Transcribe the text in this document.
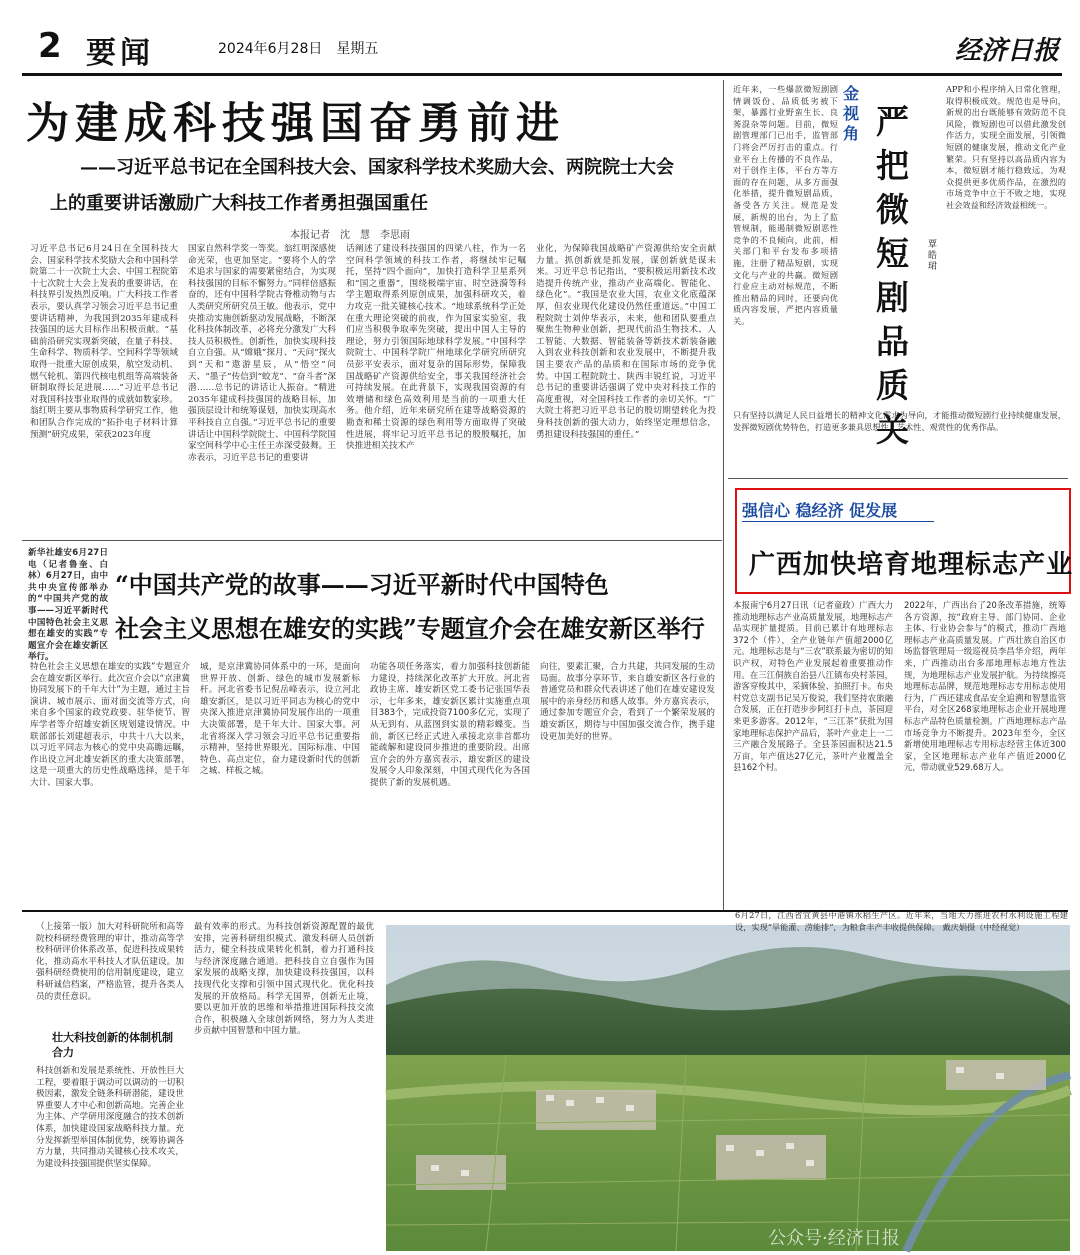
2 要闻	2024年6月28日　星期五	经济日报
为建成科技强国奋勇前进
——习近平总书记在全国科技大会、国家科学技术奖励大会、两院院士大会
上的重要讲话激励广大科技工作者勇担强国重任
本报记者　沈　慧　李思雨
习近平总书记6月24日在全国科技大会、国家科学技术奖励大会和中国科学院第二十一次院士大会、中国工程院第十七次院士大会上发表的重要讲话，在科技界引发热烈反响。广大科技工作者表示，要认真学习领会习近平总书记重要讲话精神，为我国到2035年建成科技强国的远大目标作出积极贡献。“基础前沿研究实现新突破，在量子科技、生命科学、物质科学、空间科学等领域取得一批重大原创成果，航空发动机、燃气轮机、第四代核电机组等高端装备研制取得长足进展……”习近平总书记对我国科技事业取得的成就如数家珍。翁红明主要从事物质科学研究工作，他和团队合作完成的“拓扑电子材料计算预测”研究成果，荣获2023年度
国家自然科学奖一等奖。翁红明深感使命光荣，也更加坚定。“要将个人的学术追求与国家的需要紧密结合，为实现科技强国的目标不懈努力。”同样倍感振奋的，还有中国科学院古脊椎动物与古人类研究所研究员王敏。他表示，党中央推动实施创新驱动发展战略，不断深化科技体制改革，必将充分激发广大科技人员积极性。创新性，加快实现科技自立自强。从“嫦娥”探月、“天问”探火到“天和”遨游星辰，从“悟空”问天、“墨子”传信到“蛟龙”、“奋斗者”深潜……总书记的讲话让人振奋。“精进2035年建成科技强国的战略目标，加强顶层设计和统筹谋划，加快实现高水平科技自立自强。”习近平总书记的重要讲话让中国科学院院士、中国科学院国家空间科学中心主任王赤深受鼓舞。王赤表示，习近平总书记的重要讲
话阐述了建设科技强国的四梁八柱，作为一名空间科学领域的科技工作者，将继续牢记嘱托，坚持“四个面向”，加快打造科学卫星系列和“国之重器”，围绕极端宇宙、时空涟漪等科学主题取得系列原创成果，加强科研攻关，着力攻克一批关键核心技术。“地球系统科学正处在重大理论突破的前夜，作为国家实验室，我们应当积极争取率先突破，提出中国人主导的理论，努力引领国际地球科学发展。”中国科学院院士、中国科学院广州地球化学研究所研究员彭平安表示，面对复杂的国际形势，保障我国战略矿产资源供给安全，事关我国经济社会可持续发展。在此背景下，实现我国资源的有效增储和绿色高效利用是当前的一项重大任务。他介绍，近年来研究所在建等战略资源的勘查和稀土资源的绿色利用等方面取得了突破性进展，将牢记习近平总书记的殷殷嘱托，加快推进相关技术产
业化，为保障我国战略矿产资源供给安全贡献力量。抓创新就是抓发展，谋创新就是谋未来。习近平总书记指出，“要积极运用新技术改造提升传统产业，推动产业高端化、智能化、绿色化”。“我国是农业大国，农业文化底蕴深厚，但农业现代化建设仍然任重道远。”中国工程院院士刘仲华表示，未来，他和团队要重点聚焦生物种业创新，把现代前沿生物技术、人工智能、大数据、智能装备等新技术新装备融入到农业科技创新和农业发展中，不断提升我国主要农产品的品质和在国际市场的竞争优势。中国工程院院士、陕西丰锐红说，习近平总书记的重要讲话强调了党中央对科技工作的高度重视，对全国科技工作者的亲切关怀。“广大院士将把习近平总书记的殷切期望转化为投身科技创新的强大动力，始终坚定理想信念，勇担建设科技强国的重任。”
近年来，一些爆款微短剧剧情调饭份、品质低劣被下架，暴露行业野蛮生长、良莠混杂等问题。目前，微短剧管理部门已出手，监管部门将会严厉打击的重点。行业平台上传播的不良作品，对于创作主体，平台方等方面的存在问题，从多方面强化举措，提升微短剧品质，备受各方关注。规范是发展，新规的出台，为上了监管规制，能遏制微短剧恶性竞争的不良倾向，此前，相关部门和平台发布多项措施，注册了精品短剧，实现文化与产业的共赢。微短剧行业应主动对标规范，不断推出精品的同时，还要向优质内容发展，严把内容质量关。
金视角 严把微短剧品质关
覃　皓　珺
APP和小程序纳入日常化管理，取得积极成效。规范也是导向，新规的出台既能够有效防范不良风险，微短剧也可以借此激发创作活力，实现全面发展，引领微短剧的健康发展，推动文化产业繁荣。只有坚持以高品质内容为本，微短剧才能行稳致远，为观众提供更多优质作品，在激烈的市场竞争中立于不败之地，实现社会效益和经济效益相统一。
只有坚持以满足人民日益增长的精神文化需求为导向，才能推动微短剧行业持续健康发展，发挥微短剧优势特色，打造更多兼具思想性、艺术性、观赏性的优秀作品。
强信心 稳经济 促发展
广西加快培育地理标志产业
本报南宁6月27日讯（记者童政）广西大力推动地理标志产业高质量发展，地理标志产品实现扩量提质。目前已累计有地理标志372个（件），全产业链年产值超2000亿元。地理标志是与“三农”联系最为密切的知识产权，对特色产业发展起着重要推动作用。在三江侗族自治县八江镇布央村茶园，游客穿梭其中，采摘体验、拍照打卡。布央村党总支副书记吴万俊说，我们坚持农旅融合发展，正在打造步步阿红打卡点，茶园迎来更多游客。2012年，“三江茶”获批为国家地理标志保护产品后，茶叶产业走上一二三产融合发展路子。全县茶园面积达21.5万亩，年产值达27亿元，茶叶产业覆盖全县162个村。
2022年，广西出台了20条改革措施，统筹各方资源，按“政府主导、部门协同、企业主体、行业协会参与”的模式，推动广西地理标志产业高质量发展。广西壮族自治区市场监督管理局一级巡视员李昌华介绍，两年来，广西推动出台多部地理标志地方性法规，为地理标志产业发展护航。为持续擦亮地理标志品牌，规范地理标志专用标志使用行为，广西还建成食品安全追溯和智慧监管平台，对全区268家地理标志企业开展地理标志产品特色质量检测。广西地理标志产品市场竞争力不断提升。2023年至今，全区新增使用地理标志专用标志经营主体近300家，全区地理标志产业年产值近2000亿元，带动就业529.68万人。
新华社雄安6月27日电（记者鲁奎、白林）6月27日，由中共中央宣传部举办的“中国共产党的故事——习近平新时代中国特色社会主义思想在雄安的实践”专题宣介会在雄安新区举行。
“中国共产党的故事——习近平新时代中国特色
社会主义思想在雄安的实践”专题宣介会在雄安新区举行
特色社会主义思想在雄安的实践”专题宣介会在雄安新区举行。此次宣介会以“京津冀协同发展下的千年大计”为主题，通过主旨演讲、城市展示、面对面交流等方式，向来自多个国家的政党政要、驻华使节、智库学者等介绍雄安新区规划建设情况。中联部部长刘建超表示，中共十八大以来，以习近平同志为核心的党中央高瞻远瞩，作出设立河北雄安新区的重大决策部署，这是一项重大的历史性战略选择，是千年大计、国家大事。
城，是京津冀协同体系中的一环，是面向世界开放、创新、绿色的城市发展新标杆。河北省委书记倪岳峰表示，设立河北雄安新区，是以习近平同志为核心的党中央深入推进京津冀协同发展作出的一项重大决策部署，是千年大计、国家大事。河北省将深入学习领会习近平总书记重要指示精神，坚持世界眼光、国际标准、中国特色、高点定位，奋力建设新时代的创新之城、样板之城。
功能各项任务落实，着力加强科技创新能力建设，持续深化改革扩大开放。河北省政协主席、雄安新区党工委书记张国华表示，七年多来，雄安新区累计实施重点项目383个，完成投资7100多亿元，实现了从无到有、从蓝图到实景的精彩蝶变。当前，新区已经正式进入承接北京非首都功能疏解和建设同步推进的重要阶段。出席宣介会的外方嘉宾表示，雄安新区的建设发展令人印象深刻，中国式现代化为各国提供了新的发展机遇。
向往，要素汇聚，合力共建，共同发展的生动局面。故事分享环节，来自雄安新区各行业的普通党员和群众代表讲述了他们在雄安建设发展中的亲身经历和感人故事。外方嘉宾表示，通过参加专题宣介会，看到了一个繁荣发展的雄安新区，期待与中国加强交流合作，携手建设更加美好的世界。
（上接第一版）加大对科研院所和高等院校科研经费管理的审计，推动高等学校科研评价体系改革，促进科技成果转化，推动高水平科技人才队伍建设。加强科研经费使用的信用制度建设，建立科研诚信档案，严格监管，提升各类人员的责任意识。
壮大科技创新的体制机制合力
科技创新和发展是系统性、开放性巨大工程，要着眼于调动可以调动的一切积极因素，激发全链条科研潜能，建设世界重要人才中心和创新高地。完善企业为主体、产学研用深度融合的技术创新体系，加快建设国家战略科技力量。充分发挥新型举国体制优势，统筹协调各方力量，共同推动关键核心技术攻关，为建设科技强国提供坚实保障。
最有效率的形式。为科技创新资源配置的最优安排，完善科研组织模式、激发科研人员创新活力，健全科技成果转化机制，着力打通科技与经济深度融合通道。把科技自立自强作为国家发展的战略支撑，加快建设科技强国，以科技现代化支撑和引领中国式现代化。优化科技发展的开放格局。科学无国界，创新无止境，要以更加开放的思维和举措推进国际科技交流合作，积极融入全球创新网络，努力为人类进步贡献中国智慧和中国力量。
公众号·经济日报
6月27日，江西省宜黄县中港镇水稻生产区。近年来，当地大力推进农村水利设施工程建设，实现“旱能灌、涝能排”，为粮食丰产丰收提供保障。 戴庆娟摄（中经视觉）
